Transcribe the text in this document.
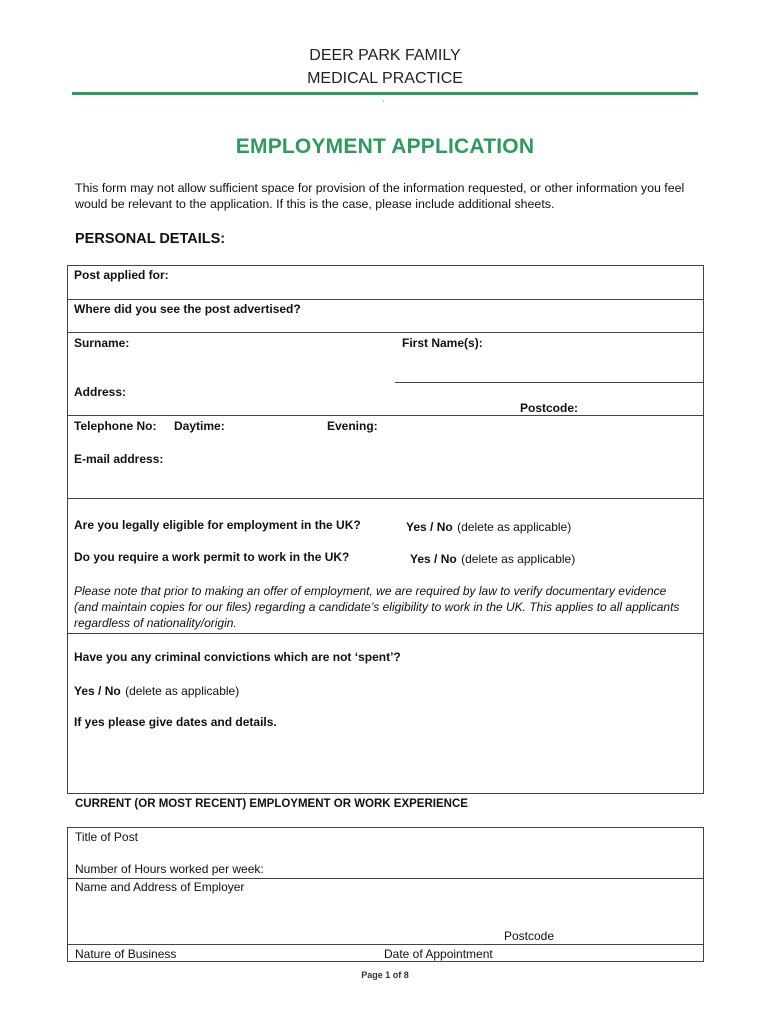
DEER PARK FAMILY
MEDICAL PRACTICE
'
EMPLOYMENT APPLICATION
This form may not allow sufficient space for provision of the information requested, or other information you feel would be relevant to the application. If this is the case, please include additional sheets.
PERSONAL DETAILS:
Post applied for:
Where did you see the post advertised?
Surname:	First Name(s):
Address:
Postcode:
Telephone No: Daytime:	Evening:
E-mail address:
Are you legally eligible for employment in the UK?	Yes / No (delete as applicable)
Do you require a work permit to work in the UK?	Yes / No (delete as applicable)
Please note that prior to making an offer of employment, we are required by law to verify documentary evidence (and maintain copies for our files) regarding a candidate’s eligibility to work in the UK. This applies to all applicants regardless of nationality/origin.
Have you any criminal convictions which are not ‘spent’?
Yes / No (delete as applicable)
If yes please give dates and details.
CURRENT (OR MOST RECENT) EMPLOYMENT OR WORK EXPERIENCE
Title of Post
Number of Hours worked per week:
Name and Address of Employer
Postcode
Nature of Business	Date of Appointment
Page 1 of 8
